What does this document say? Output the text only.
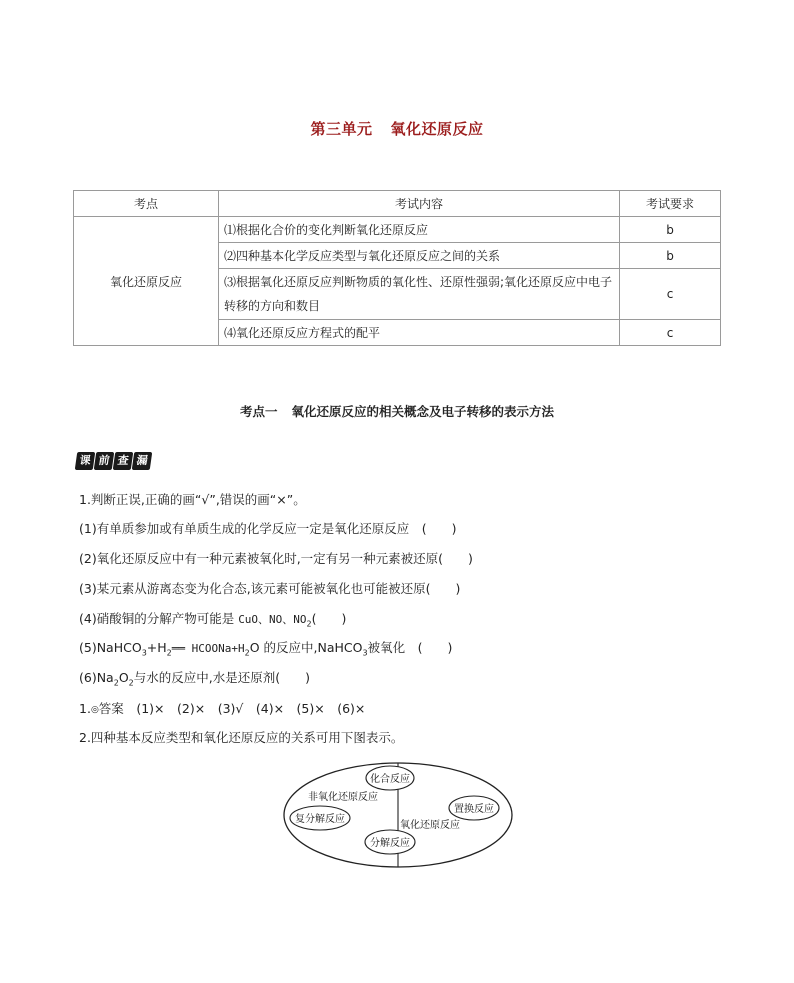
第三单元 氧化还原反应
考点	考试内容	考试要求
氧化还原反应	⑴根据化合价的变化判断氧化还原反应	b
	⑵四种基本化学反应类型与氧化还原反应之间的关系	b
	⑶根据氧化还原反应判断物质的氧化性、还原性强弱;氧化还原反应中电子转移的方向和数目	c
	⑷氧化还原反应方程式的配平	c
考点一 氧化还原反应的相关概念及电子转移的表示方法
课 前 查 漏
1.判断正误,正确的画“√”,错误的画“×”。
(1)有单质参加或有单质生成的化学反应一定是氧化还原反应　(　　)
(2)氧化还原反应中有一种元素被氧化时,一定有另一种元素被还原(　　)
(3)某元素从游离态变为化合态,该元素可能被氧化也可能被还原(　　)
(4)硝酸铜的分解产物可能是 CuO、NO、$NO_2$(　　)
$(5)NaHCO_3+H_2══$ $HCOONa+H_2O$ 的反应中,NaHCO$_3$被氧化　(　　)
$(6)Na_2O_2$与水的反应中,水是还原剂(　　)
1.◎答案　 (1)×　(2)×　(3)√　(4)×　(5)×　(6)×
2.四种基本反应类型和氧化还原反应的关系可用下图表示。
化合反应
置换反应
复分解反应
分解反应
非氧化还原反应
氧化还原反应
